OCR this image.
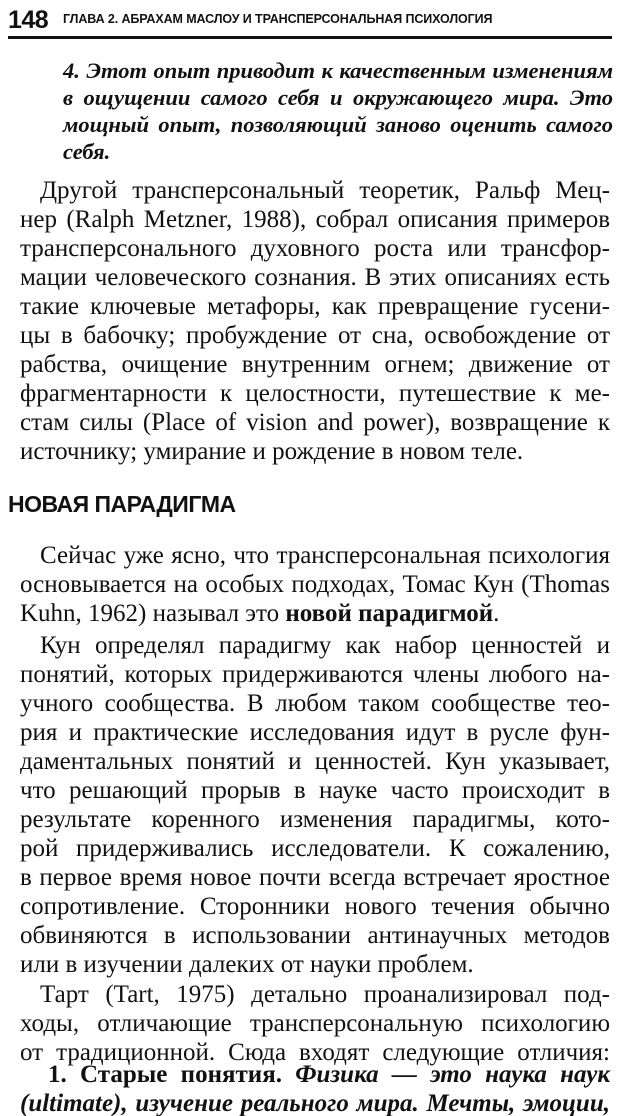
148 ГЛАВА 2. АБРАХАМ МАСЛОУ И ТРАНСПЕРСОНАЛЬНАЯ ПСИХОЛОГИЯ
4. Этот опыт приводит к качественным изменениям
в ощущении самого себя и окружающего мира. Это
мощный опыт, позволяющий заново оценить самого
себя.
Другой трансперсональный теоретик, Ральф Мец-
нер (Ralph Metzner, 1988), собрал описания примеров
трансперсонального духовного роста или трансфор-
мации человеческого сознания. В этих описаниях есть
такие ключевые метафоры, как превращение гусени-
цы в бабочку; пробуждение от сна, освобождение от
рабства, очищение внутренним огнем; движение от
фрагментарности к целостности, путешествие к ме-
стам силы (Place of vision and power), возвращение к
источнику; умирание и рождение в новом теле.
НОВАЯ ПАРАДИГМА
Сейчас уже ясно, что трансперсональная психология
основывается на особых подходах, Томас Кун (Thomas
Kuhn, 1962) называл это новой парадигмой.
Кун определял парадигму как набор ценностей и
понятий, которых придерживаются члены любого на-
учного сообщества. В любом таком сообществе тео-
рия и практические исследования идут в русле фун-
даментальных понятий и ценностей. Кун указывает,
что решающий прорыв в науке часто происходит в
результате коренного изменения парадигмы, кото-
рой придерживались исследователи. К сожалению,
в первое время новое почти всегда встречает яростное
сопротивление. Сторонники нового течения обычно
обвиняются в использовании антинаучных методов
или в изучении далеких от науки проблем.
Тарт (Tart, 1975) детально проанализировал под-
ходы, отличающие трансперсональную психологию
от традиционной. Сюда входят следующие отличия:
1. Старые понятия. Физика — это наука наук
(ultimate), изучение реального мира. Мечты, эмоции,
